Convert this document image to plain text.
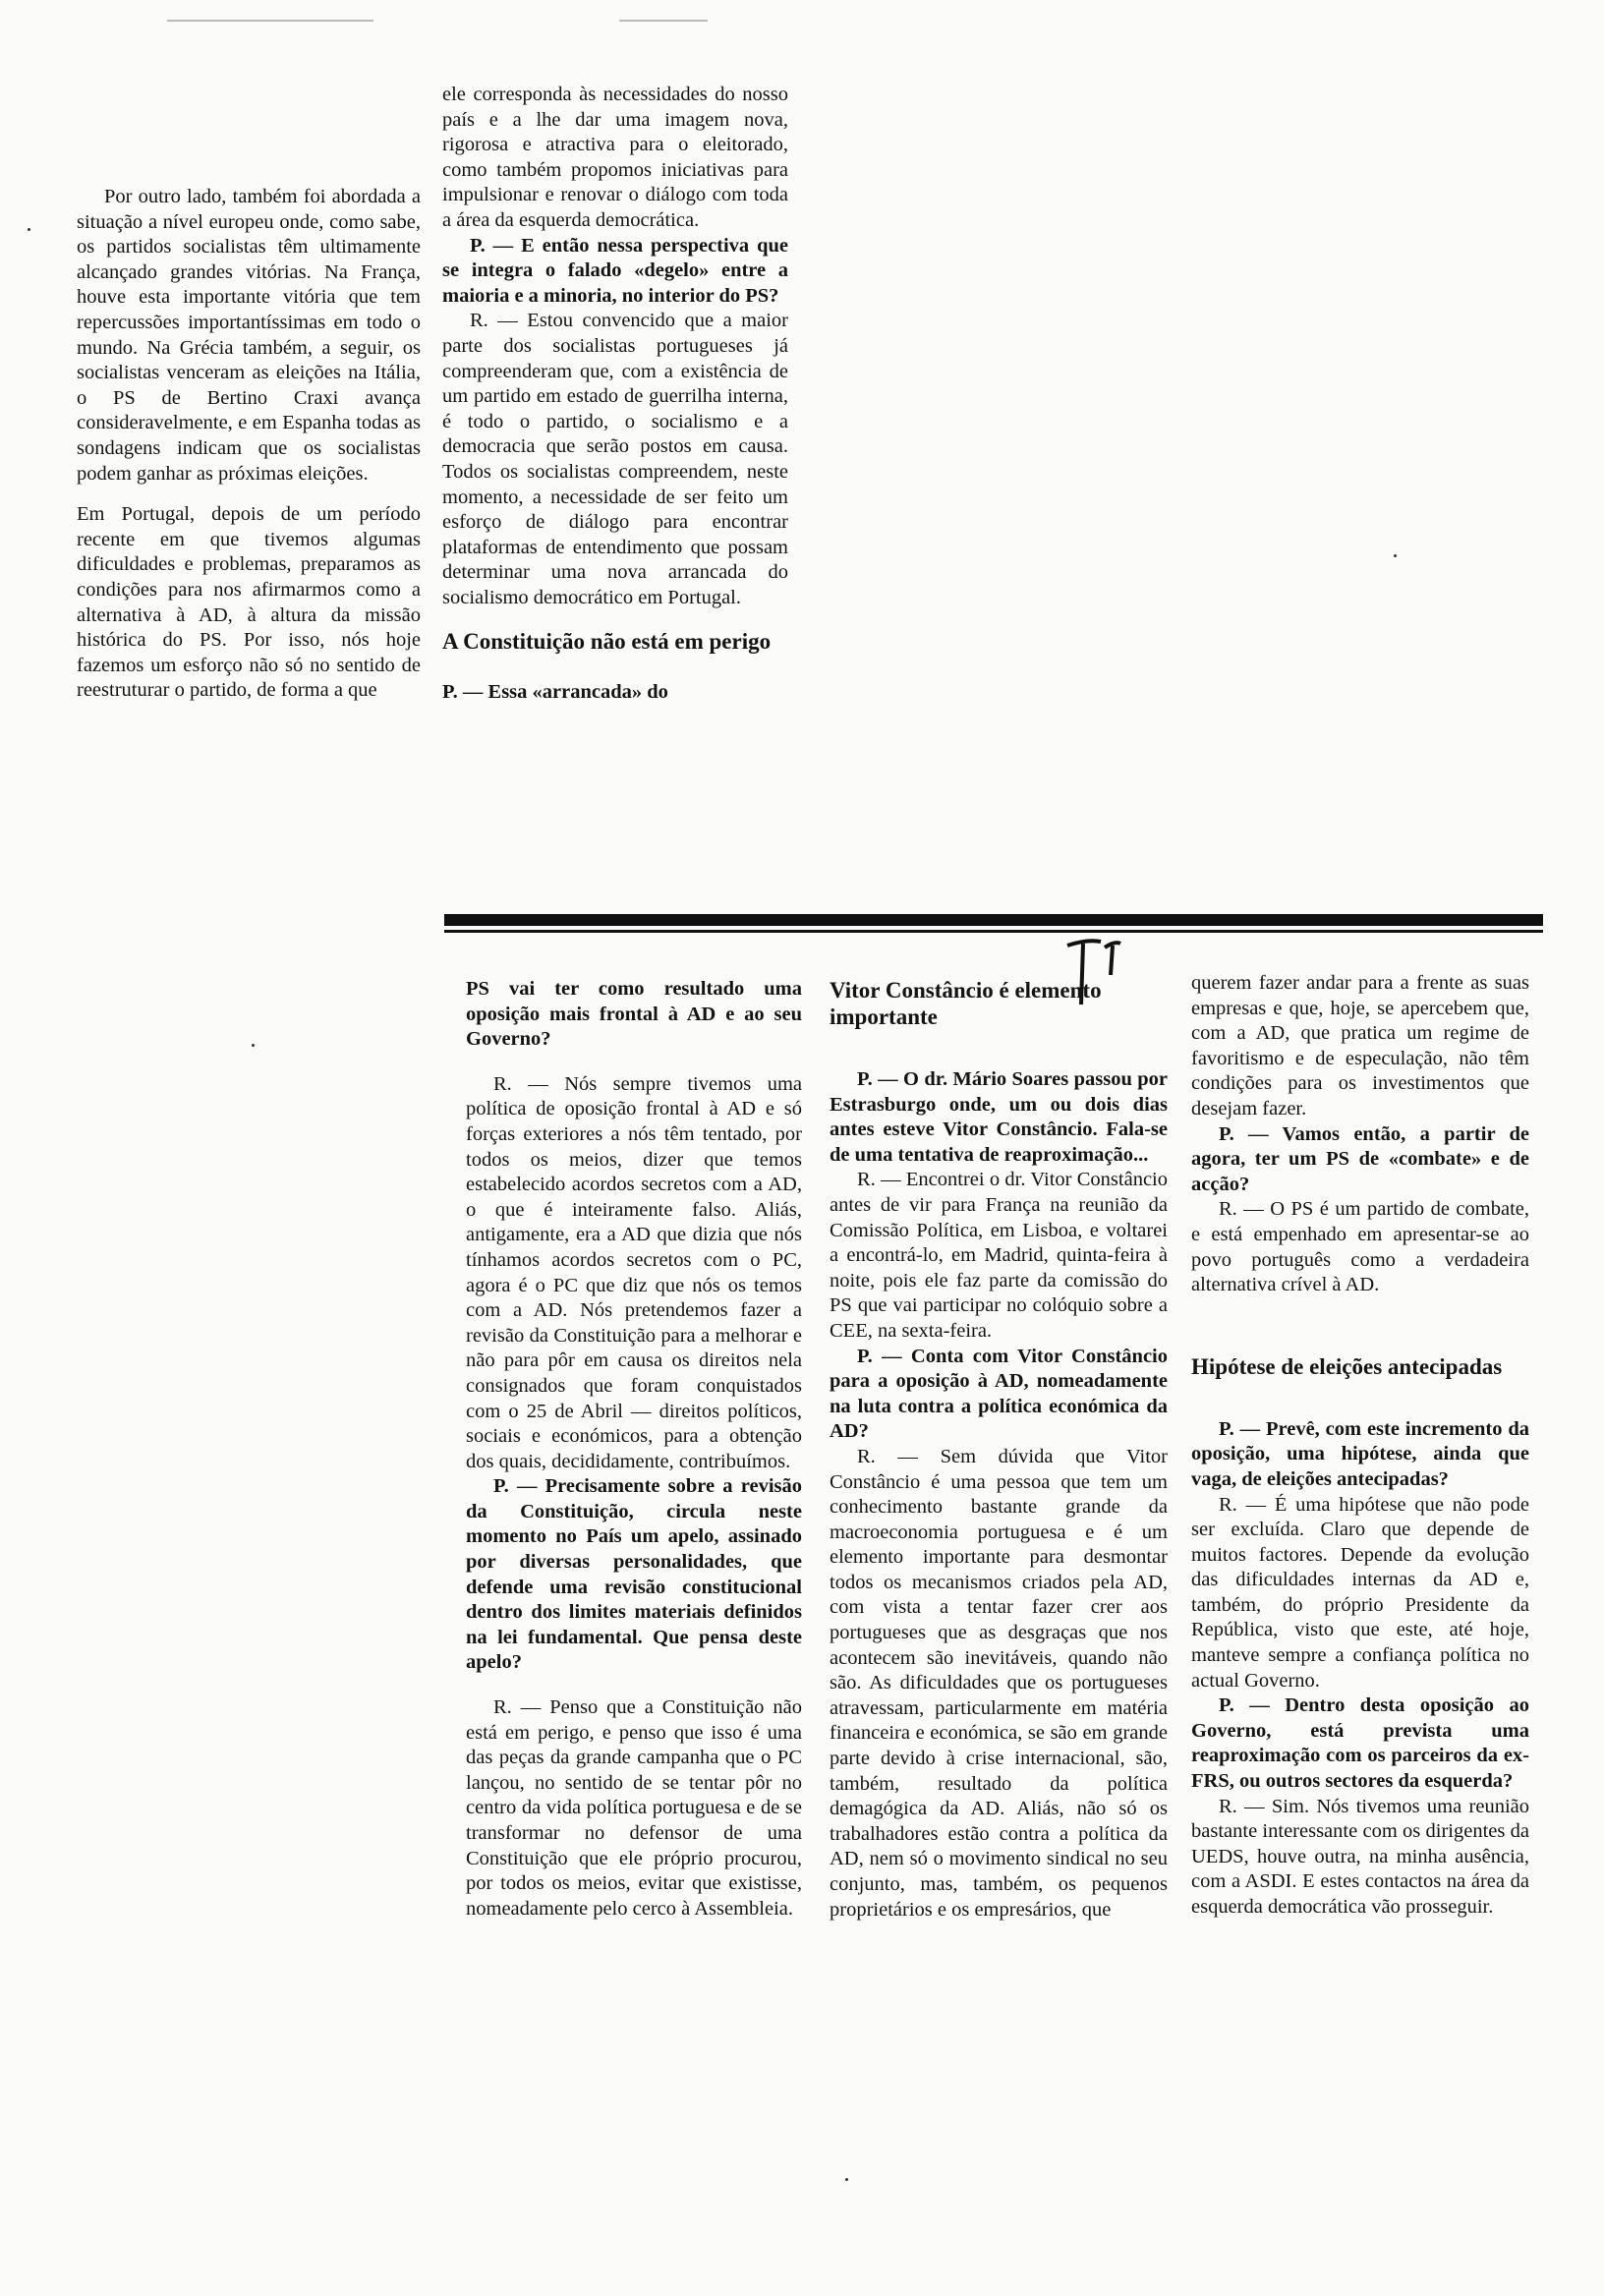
Por outro lado, também foi abordada a situação a nível europeu onde, como sabe, os partidos socialistas têm ultimamente alcançado grandes vitórias. Na França, houve esta importante vitória que tem repercussões importantíssimas em todo o mundo. Na Grécia também, a seguir, os socialistas venceram as eleições na Itália, o PS de Bertino Craxi avança consideravelmente, e em Espanha todas as sondagens indicam que os socialistas podem ganhar as próximas eleições.

Em Portugal, depois de um período recente em que tivemos algumas dificuldades e problemas, preparamos as condições para nos afirmarmos como a alternativa à AD, à altura da missão histórica do PS. Por isso, nós hoje fazemos um esforço não só no sentido de reestruturar o partido, de forma a que

ele corresponda às necessidades do nosso país e a lhe dar uma imagem nova, rigorosa e atractiva para o eleitorado, como também propomos iniciativas para impulsionar e renovar o diálogo com toda a área da esquerda democrática.

P. — E então nessa perspectiva que se integra o falado «degelo» entre a maioria e a minoria, no interior do PS?

R. — Estou convencido que a maior parte dos socialistas portugueses já compreenderam que, com a existência de um partido em estado de guerrilha interna, é todo o partido, o socialismo e a democracia que serão postos em causa. Todos os socialistas compreendem, neste momento, a necessidade de ser feito um esforço de diálogo para encontrar plataformas de entendimento que possam determinar uma nova arrancada do socialismo democrático em Portugal.

A Constituição não está em perigo

P. — Essa «arrancada» do

PS vai ter como resultado uma oposição mais frontal à AD e ao seu Governo?

R. — Nós sempre tivemos uma política de oposição frontal à AD e só forças exteriores a nós têm tentado, por todos os meios, dizer que temos estabelecido acordos secretos com a AD, o que é inteiramente falso. Aliás, antigamente, era a AD que dizia que nós tínhamos acordos secretos com o PC, agora é o PC que diz que nós os temos com a AD. Nós pretendemos fazer a revisão da Constituição para a melhorar e não para pôr em causa os direitos nela consignados que foram conquistados com o 25 de Abril — direitos políticos, sociais e económicos, para a obtenção dos quais, decididamente, contribuímos.

P. — Precisamente sobre a revisão da Constituição, circula neste momento no País um apelo, assinado por diversas personalidades, que defende uma revisão constitucional dentro dos limites materiais definidos na lei fundamental. Que pensa deste apelo?

R. — Penso que a Constituição não está em perigo, e penso que isso é uma das peças da grande campanha que o PC lançou, no sentido de se tentar pôr no centro da vida política portuguesa e de se transformar no defensor de uma Constituição que ele próprio procurou, por todos os meios, evitar que existisse, nomeadamente pelo cerco à Assembleia.

Vitor Constâncio é elemento importante

P. — O dr. Mário Soares passou por Estrasburgo onde, um ou dois dias antes esteve Vitor Constâncio. Fala-se de uma tentativa de reaproximação...

R. — Encontrei o dr. Vitor Constâncio antes de vir para França na reunião da Comissão Política, em Lisboa, e voltarei a encontrá-lo, em Madrid, quinta-feira à noite, pois ele faz parte da comissão do PS que vai participar no colóquio sobre a CEE, na sexta-feira.

P. — Conta com Vitor Constâncio para a oposição à AD, nomeadamente na luta contra a política económica da AD?

R. — Sem dúvida que Vitor Constâncio é uma pessoa que tem um conhecimento bastante grande da macroeconomia portuguesa e é um elemento importante para desmontar todos os mecanismos criados pela AD, com vista a tentar fazer crer aos portugueses que as desgraças que nos acontecem são inevitáveis, quando não são. As dificuldades que os portugueses atravessam, particularmente em matéria financeira e económica, se são em grande parte devido à crise internacional, são, também, resultado da política demagógica da AD. Aliás, não só os trabalhadores estão contra a política da AD, nem só o movimento sindical no seu conjunto, mas, também, os pequenos proprietários e os empresários, que

querem fazer andar para a frente as suas empresas e que, hoje, se apercebem que, com a AD, que pratica um regime de favoritismo e de especulação, não têm condições para os investimentos que desejam fazer.

P. — Vamos então, a partir de agora, ter um PS de «combate» e de acção?

R. — O PS é um partido de combate, e está empenhado em apresentar-se ao povo português como a verdadeira alternativa crível à AD.

Hipótese de eleições antecipadas

P. — Prevê, com este incremento da oposição, uma hipótese, ainda que vaga, de eleições antecipadas?

R. — É uma hipótese que não pode ser excluída. Claro que depende de muitos factores. Depende da evolução das dificuldades internas da AD e, também, do próprio Presidente da República, visto que este, até hoje, manteve sempre a confiança política no actual Governo.

P. — Dentro desta oposição ao Governo, está prevista uma reaproximação com os parceiros da ex-FRS, ou outros sectores da esquerda?

R. — Sim. Nós tivemos uma reunião bastante interessante com os dirigentes da UEDS, houve outra, na minha ausência, com a ASDI. E estes contactos na área da esquerda democrática vão prosseguir.
